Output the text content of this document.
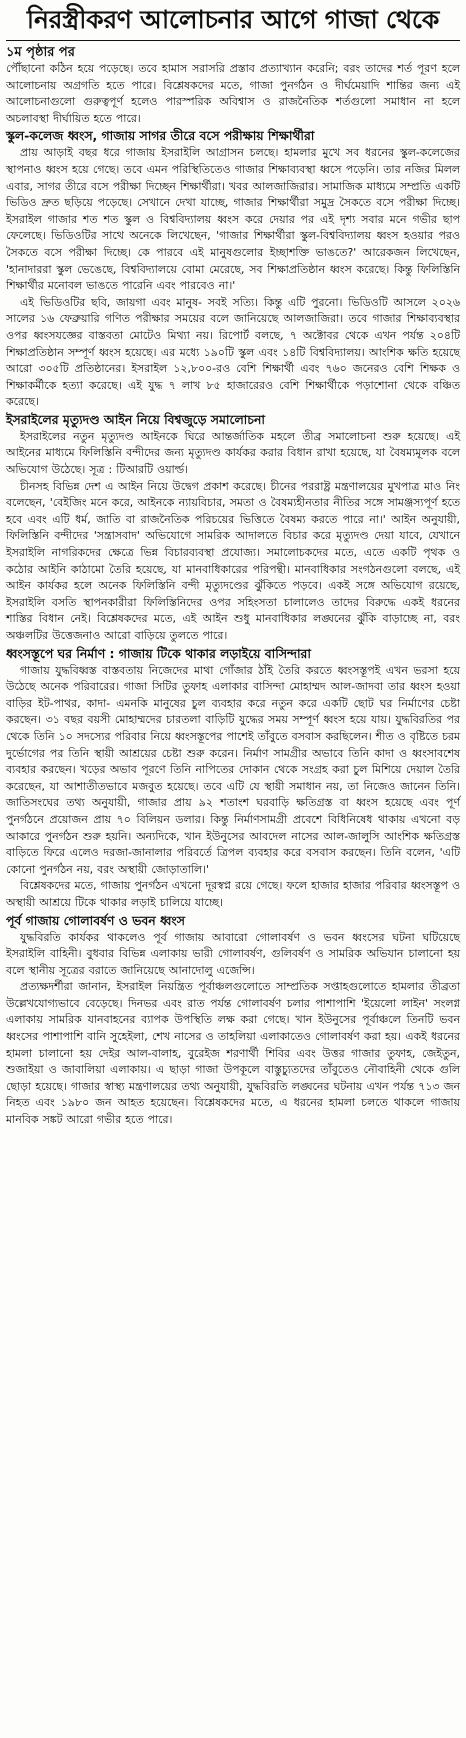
নিরস্ত্রীকরণ আলোচনার আগে গাজা থেকে
১ম পৃষ্ঠার পর

পৌঁছানো কঠিন হয়ে পড়েছে। তবে হামাস সরাসরি প্রস্তাব প্রত্যাখ্যান করেনি; বরং তাদের শর্ত পূরণ হলে আলোচনায় অগ্রগতি হতে পারে। বিশ্লেষকদের মতে, গাজা পুনর্গঠন ও দীর্ঘমেয়াদি শান্তির জন্য এই আলোচনাগুলো গুরুত্বপূর্ণ হলেও পারস্পরিক অবিশ্বাস ও রাজনৈতিক শর্তগুলো সমাধান না হলে অচলাবস্থা দীর্ঘায়িত হতে পারে।

স্কুল-কলেজ ধ্বংস, গাজায় সাগর তীরে বসে পরীক্ষায় শিক্ষার্থীরা

প্রায় আড়াই বছর ধরে গাজায় ইসরাইলি আগ্রাসন চলছে। হামলার মুখে সব ধরনের স্কুল-কলেজের স্থাপনাও ধ্বংস হয়ে গেছে। তবে এমন পরিস্থিতিতেও গাজার শিক্ষাব্যবস্থা ধ্বসে পড়েনি। তার নজির মিলল এবার, সাগর তীরে বসে পরীক্ষা দিচ্ছেন শিক্ষার্থীরা। খবর আলজাজিরার। সামাজিক মাধ্যমে সম্প্রতি একটি ভিডিও দ্রুত ছড়িয়ে পড়েছে। সেখানে দেখা যাচ্ছে, গাজার শিক্ষার্থীরা সমুদ্র সৈকতে বসে পরীক্ষা দিচ্ছে। ইসরাইল গাজার শত শত স্কুল ও বিশ্ববিদ্যালয় ধ্বংস করে দেয়ার পর এই দৃশ্য সবার মনে গভীর ছাপ ফেলেছে। ভিডিওটির সাথে অনেকে লিখেছেন, 'গাজার শিক্ষার্থীরা স্কুল-বিশ্ববিদ্যালয় ধ্বংস হওয়ার পরও সৈকতে বসে পরীক্ষা দিচ্ছে। কে পারবে এই মানুষগুলোর ইচ্ছাশক্তি ভাঙতে?' আরেকজন লিখেছেন, 'হানাদাররা স্কুল ভেঙেছে, বিশ্ববিদ্যালয়ে বোমা মেরেছে, সব শিক্ষাপ্রতিষ্ঠান ধ্বংস করেছে। কিন্তু ফিলিস্তিনি শিক্ষার্থীর মনোবল ভাঙতে পারেনি এবং পারবেও না।'

এই ভিডিওটির ছবি, জায়গা এবং মানুষ- সবই সত্যি। কিন্তু এটি পুরনো। ভিডিওটি আসলে ২০২৬ সালের ১৬ ফেব্রুয়ারি গণিত পরীক্ষার সময়ের বলে জানিয়েছে আলজাজিরা। তবে গাজার শিক্ষাব্যবস্থার ওপর ধ্বংসযজ্ঞের বাস্তবতা মোটেও মিথ্যা নয়। রিপোর্ট বলছে, ৭ অক্টোবর থেকে এখন পর্যন্ত ২০৪টি শিক্ষাপ্রতিষ্ঠান সম্পূর্ণ ধ্বংস হয়েছে। এর মধ্যে ১৯০টি স্কুল এবং ১৪টি বিশ্ববিদ্যালয়। আংশিক ক্ষতি হয়েছে আরো ৩০৫টি প্রতিষ্ঠানের। ইসরাইল ১২,৮০০-রও বেশি শিক্ষার্থী এবং ৭৬০ জনেরও বেশি শিক্ষক ও শিক্ষাকর্মীকে হত্যা করেছে। এই যুদ্ধ ৭ লাখ ৮৫ হাজারেরও বেশি শিক্ষার্থীকে পড়াশোনা থেকে বঞ্চিত করেছে।

ইসরাইলের মৃত্যুদণ্ড আইন নিয়ে বিশ্বজুড়ে সমালোচনা

ইসরাইলের নতুন মৃত্যুদণ্ড আইনকে ঘিরে আন্তর্জাতিক মহলে তীব্র সমালোচনা শুরু হয়েছে। এই আইনের মাধ্যমে ফিলিস্তিনি বন্দীদের জন্য মৃত্যুদণ্ড কার্যকর করার বিধান রাখা হয়েছে, যা বৈষম্যমূলক বলে অভিযোগ উঠেছে। সূত্র : টিআরটি ওয়ার্ল্ড।

চীনসহ বিভিন্ন দেশ এ আইন নিয়ে উদ্বেগ প্রকাশ করেছে। চীনের পররাষ্ট্র মন্ত্রণালয়ের মুখপাত্র মাও নিং বলেছেন, 'বেইজিং মনে করে, আইনকে ন্যায়বিচার, সমতা ও বৈষম্যহীনতার নীতির সঙ্গে সামঞ্জস্যপূর্ণ হতে হবে এবং এটি ধর্ম, জাতি বা রাজনৈতিক পরিচয়ের ভিত্তিতে বৈষম্য করতে পারে না।' আইন অনুযায়ী, ফিলিস্তিনি বন্দীদের 'সন্ত্রাসবাদ' অভিযোগে সামরিক আদালতে বিচার করে মৃত্যুদণ্ড দেয়া যাবে, যেখানে ইসরাইলি নাগরিকদের ক্ষেত্রে ভিন্ন বিচারব্যবস্থা প্রযোজ্য। সমালোচকদের মতে, এতে একটি পৃথক ও কঠোর আইনি কাঠামো তৈরি হয়েছে, যা মানবাধিকারের পরিপন্থী। মানবাধিকার সংগঠনগুলো বলছে, এই আইন কার্যকর হলে অনেক ফিলিস্তিনি বন্দী মৃত্যুদণ্ডের ঝুঁকিতে পড়বে। একই সঙ্গে অভিযোগ রয়েছে, ইসরাইলি বসতি স্থাপনকারীরা ফিলিস্তিনিদের ওপর সহিংসতা চালালেও তাদের বিরুদ্ধে একই ধরনের শাস্তির বিধান নেই। বিশ্লেষকদের মতে, এই আইন শুধু মানবাধিকার লঙ্ঘনের ঝুঁকি বাড়াচ্ছে না, বরং অঞ্চলটির উত্তেজনাও আরো বাড়িয়ে তুলতে পারে।

ধ্বংসস্তূপে ঘর নির্মাণ : গাজায় টিকে থাকার লড়াইয়ে বাসিন্দারা

গাজায় যুদ্ধবিধ্বস্ত বাস্তবতায় নিজেদের মাথা গোঁজার ঠাঁই তৈরি করতে ধ্বংসস্তূপই এখন ভরসা হয়ে উঠেছে অনেক পরিবারের। গাজা সিটির তুফাহ এলাকার বাসিন্দা মোহাম্মদ আল-জাদবা তার ধ্বংস হওয়া বাড়ির ইট-পাথর, কাদা- এমনকি মানুষের চুল ব্যবহার করে নতুন করে একটি ছোট ঘর নির্মাণের চেষ্টা করছেন। ৩১ বছর বয়সী মোহাম্মদের চারতলা বাড়িটি যুদ্ধের সময় সম্পূর্ণ ধ্বংস হয়ে যায়। যুদ্ধবিরতির পর থেকে তিনি ১০ সদস্যের পরিবার নিয়ে ধ্বংসস্তূপের পাশেই তাঁবুতে বসবাস করছিলেন। শীত ও বৃষ্টিতে চরম দুর্ভোগের পর তিনি স্থায়ী আশ্রয়ের চেষ্টা শুরু করেন। নির্মাণ সামগ্রীর অভাবে তিনি কাদা ও ধ্বংসাবশেষ ব্যবহার করছেন। খড়ের অভাব পূরণে তিনি নাপিতের দোকান থেকে সংগ্রহ করা চুল মিশিয়ে দেয়াল তৈরি করেছেন, যা আশাতীতভাবে মজবুত হয়েছে। তবে এটি যে স্থায়ী সমাধান নয়, তা নিজেও জানেন তিনি। জাতিসংঘের তথ্য অনুযায়ী, গাজার প্রায় ৯২ শতাংশ ঘরবাড়ি ক্ষতিগ্রস্ত বা ধ্বংস হয়েছে এবং পূর্ণ পুনর্গঠনে প্রয়োজন প্রায় ৭০ বিলিয়ন ডলার। কিন্তু নির্মাণসামগ্রী প্রবেশে বিধিনিষেধ থাকায় এখনো বড় আকারে পুনর্গঠন শুরু হয়নি। অন্যদিকে, খান ইউনুসের আবদেল নাসের আল-জালুসি আংশিক ক্ষতিগ্রস্ত বাড়িতে ফিরে এলেও দরজা-জানালার পরিবর্তে ত্রিপল ব্যবহার করে বসবাস করছেন। তিনি বলেন, 'এটি কোনো পুনর্গঠন নয়, বরং অস্থায়ী জোড়াতালি।'

বিশ্লেষকদের মতে, গাজায় পুনর্গঠন এখনো দূরস্বপ্ন রয়ে গেছে। ফলে হাজার হাজার পরিবার ধ্বংসস্তূপ ও অস্থায়ী আশ্রয়ে টিকে থাকার লড়াই চালিয়ে যাচ্ছে।

পূর্ব গাজায় গোলাবর্ষণ ও ভবন ধ্বংস

যুদ্ধবিরতি কার্যকর থাকলেও পূর্ব গাজায় আবারো গোলাবর্ষণ ও ভবন ধ্বংসের ঘটনা ঘটিয়েছে ইসরাইলি বাহিনী। বুধবার বিভিন্ন এলাকায় ভারী গোলাবর্ষণ, গুলিবর্ষণ ও সামরিক অভিযান চালানো হয় বলে স্থানীয় সূত্রের বরাতে জানিয়েছে আনাদোলু এজেন্সি।

প্রত্যক্ষদর্শীরা জানান, ইসরাইল নিয়ন্ত্রিত পূর্বাঞ্চলগুলোতে সাম্প্রতিক সপ্তাহগুলোতে হামলার তীব্রতা উল্লেখযোগ্যভাবে বেড়েছে। দিনভর এবং রাত পর্যন্ত গোলাবর্ষণ চলার পাশাপাশি 'ইয়েলো লাইন' সংলগ্ন এলাকায় সামরিক যানবাহনের ব্যাপক উপস্থিতি লক্ষ করা গেছে। খান ইউনুসের পূর্বাঞ্চলে তিনটি ভবন ধ্বংসের পাশাপাশি বানি সুহেইলা, শেখ নাসের ও তাহলিয়া এলাকাতেও গোলাবর্ষণ করা হয়। একই ধরনের হামলা চালানো হয় দেইর আল-বালাহ, বুরেইজ শরণার্থী শিবির এবং উত্তর গাজার তুফাহ, জেইতুন, শুজাইয়া ও জাবালিয়া এলাকায়। এ ছাড়া গাজা উপকূলে বাস্তুচ্যুতদের তাঁবুতেও নৌবাহিনী থেকে গুলি ছোড়া হয়েছে। গাজার স্বাস্থ্য মন্ত্রণালয়ের তথ্য অনুযায়ী, যুদ্ধবিরতি লঙ্ঘনের ঘটনায় এখন পর্যন্ত ৭১৩ জন নিহত এবং ১৯৮০ জন আহত হয়েছেন। বিশ্লেষকদের মতে, এ ধরনের হামলা চলতে থাকলে গাজায় মানবিক সঙ্কট আরো গভীর হতে পারে।
